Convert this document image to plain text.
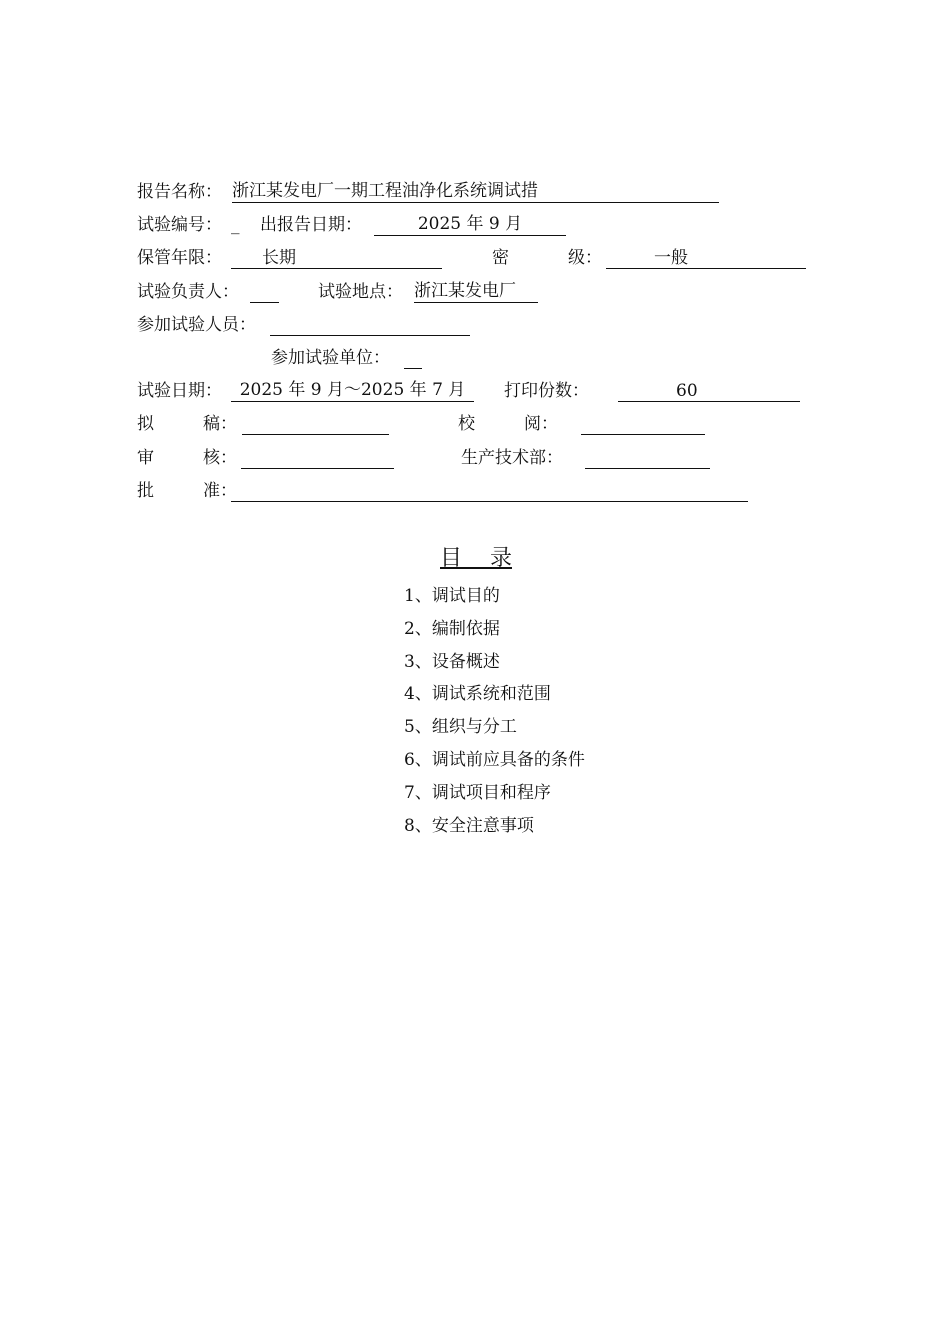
报告名称： 浙江某发电厂一期工程油净化系统调试措
试验编号： _ 出报告日期：	2025 年 9 月
保管年限： 长期	密	级：	一般
试验负责人：	试验地点： 浙江某发电厂
参加试验人员：
参加试验单位：
试验日期：	2025 年 9 月～2025 年 7 月	打印份数：	60
拟	稿：	校	阅：
审	核：	生产技术部：
批	准：
目    录
1、调试目的
2、编制依据
3、设备概述
4、调试系统和范围
5、组织与分工
6、调试前应具备的条件
7、调试项目和程序
8、安全注意事项
